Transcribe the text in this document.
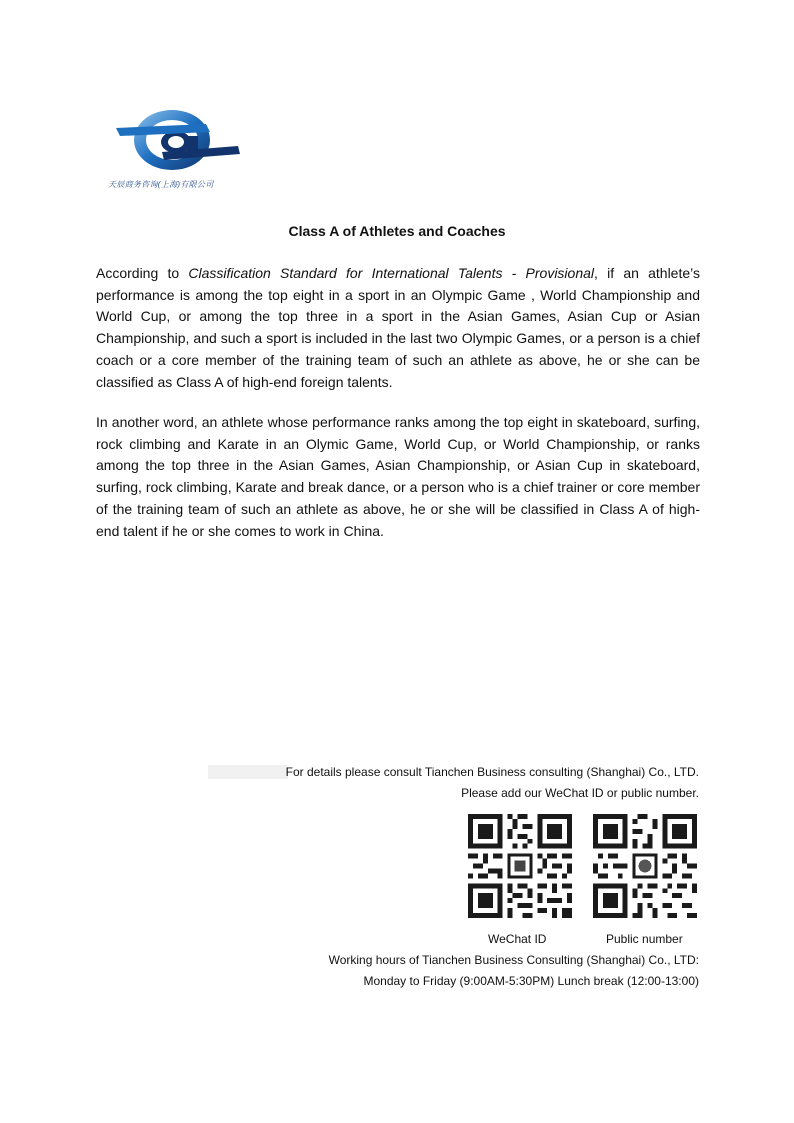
天辰商务咨询(上海)有限公司
Class A of Athletes and Coaches

According to Classification Standard for International Talents - Provisional, if an athlete’s performance is among the top eight in a sport in an Olympic Game , World Championship and World Cup, or among the top three in a sport in the Asian Games, Asian Cup or Asian Championship, and such a sport is included in the last two Olympic Games, or a person is a chief coach or a core member of the training team of such an athlete as above, he or she can be classified as Class A of high-end foreign talents.

In another word, an athlete whose performance ranks among the top eight in skateboard, surfing, rock climbing and Karate in an Olymic Game, World Cup, or World Championship, or ranks among the top three in the Asian Games, Asian Championship, or Asian Cup in skateboard, surfing, rock climbing, Karate and break dance, or a person who is a chief trainer or core member of the training team of such an athlete as above, he or she will be classified in Class A of high-end talent if he or she comes to work in China.

For details please consult Tianchen Business consulting (Shanghai) Co., LTD.
Please add our WeChat ID or public number.
WeChat ID	Public number
Working hours of Tianchen Business Consulting (Shanghai) Co., LTD:
Monday to Friday (9:00AM-5:30PM) Lunch break (12:00-13:00)
